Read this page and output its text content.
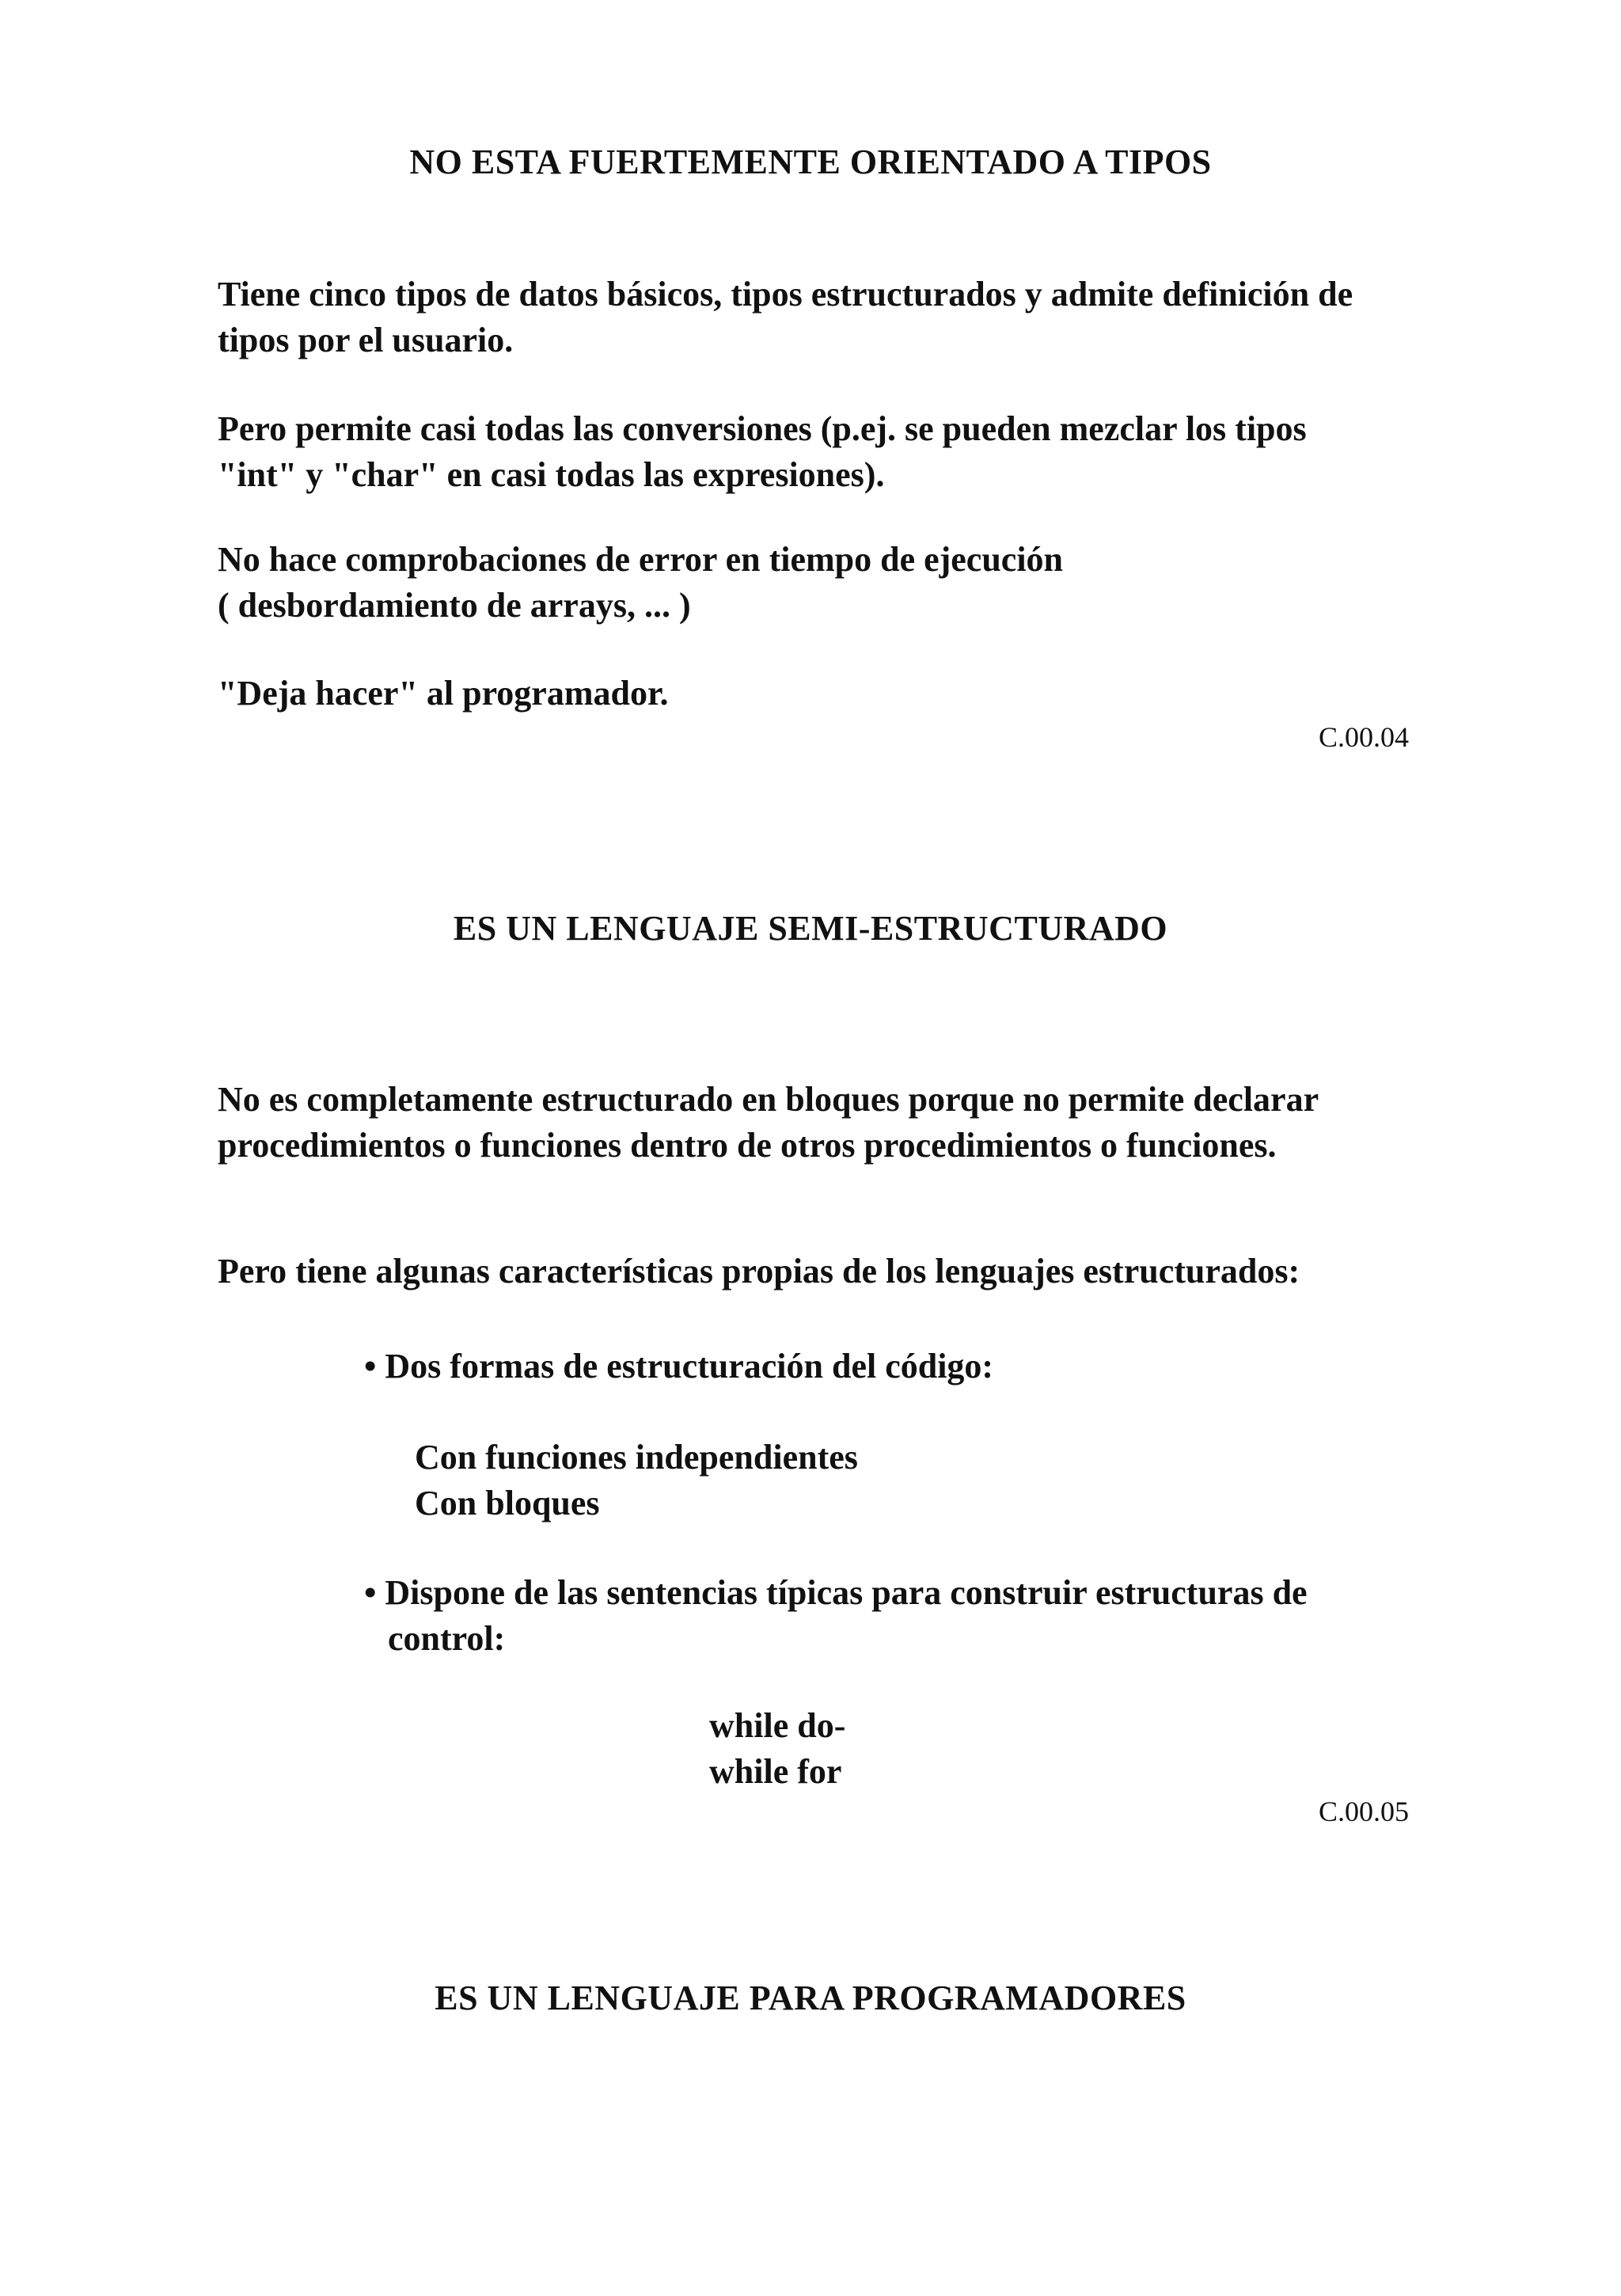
NO ESTA FUERTEMENTE ORIENTADO A TIPOS
Tiene cinco tipos de datos básicos, tipos estructurados y admite definición de
tipos por el usuario.
Pero permite casi todas las conversiones (p.ej. se pueden mezclar los tipos
"int" y "char" en casi todas las expresiones).
No hace comprobaciones de error en tiempo de ejecución
( desbordamiento de arrays, ... )
"Deja hacer" al programador.
C.00.04
ES UN LENGUAJE SEMI-ESTRUCTURADO
No es completamente estructurado en bloques porque no permite declarar
procedimientos o funciones dentro de otros procedimientos o funciones.
Pero tiene algunas características propias de los lenguajes estructurados:
• Dos formas de estructuración del código:
Con funciones independientes
Con bloques
• Dispone de las sentencias típicas para construir estructuras de
control:
while do-
while for
C.00.05
ES UN LENGUAJE PARA PROGRAMADORES
